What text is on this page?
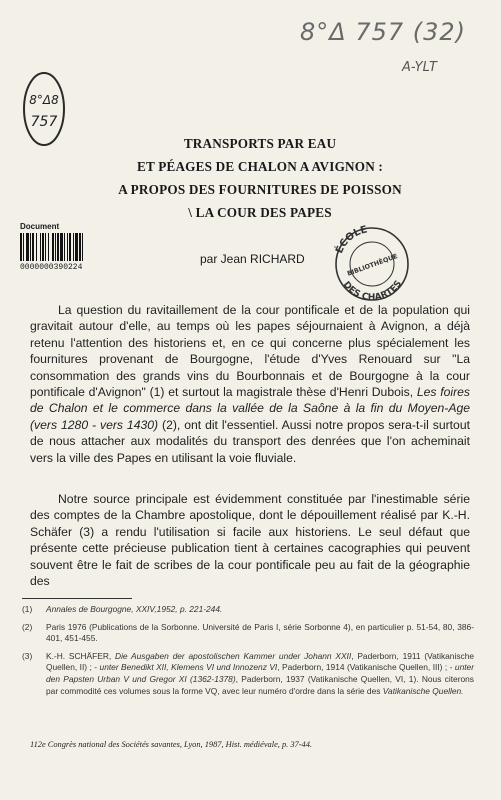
8°Δ 757 (32)
A-YLT
8°Δ8
757
TRANSPORTS PAR EAU
ET PÉAGES DE CHALON A AVIGNON :
A PROPOS DES FOURNITURES DE POISSON
\ LA COUR DES PAPES
Document
0000000390224
par Jean RICHARD
ÉCOLE
BIBLIOTHÈQUE
DES CHARTES

La question du ravitaillement de la cour pontificale et de la population qui gravitait autour d'elle, au temps où les papes séjournaient à Avignon, a déjà retenu l'attention des historiens et, en ce qui concerne plus spécialement les fournitures provenant de Bourgogne, l'étude d'Yves Renouard sur "La consommation des grands vins du Bourbonnais et de Bourgogne à la cour pontificale d'Avignon" (1) et surtout la magistrale thèse d'Henri Dubois, Les foires de Chalon et le commerce dans la vallée de la Saône à la fin du Moyen-Age (vers 1280 - vers 1430) (2), ont dit l'essentiel. Aussi notre propos sera-t-il surtout de nous attacher aux modalités du transport des denrées que l'on acheminait vers la ville des Papes en utilisant la voie fluviale.

Notre source principale est évidemment constituée par l'inestimable série des comptes de la Chambre apostolique, dont le dépouillement réalisé par K.-H. Schäfer (3) a rendu l'utilisation si facile aux historiens. Le seul défaut que présente cette précieuse publication tient à certaines cacographies qui peuvent souvent être le fait de scribes de la cour pontificale peu au fait de la géographie des

(1) Annales de Bourgogne, XXIV,1952, p. 221-244.
(2) Paris 1976 (Publications de la Sorbonne. Université de Paris I, série Sorbonne 4), en particulier p. 51-54, 80, 386-401, 451-455.
(3) K.-H. SCHÄFER, Die Ausgaben der apostolischen Kammer under Johann XXII, Paderborn, 1911 (Vatikanische Quellen, II) ; - unter Benedikt XII, Klemens VI und Innozenz VI, Paderborn, 1914 (Vatikanische Quellen, III) ; - unter den Papsten Urban V und Gregor XI (1362-1378), Paderborn, 1937 (Vatikanische Quellen, VI, 1). Nous citerons par commodité ces volumes sous la forme VQ, avec leur numéro d'ordre dans la série des Vatikanische Quellen.
112e Congrès national des Sociétés savantes, Lyon, 1987, Hist. médiévale, p. 37-44.
